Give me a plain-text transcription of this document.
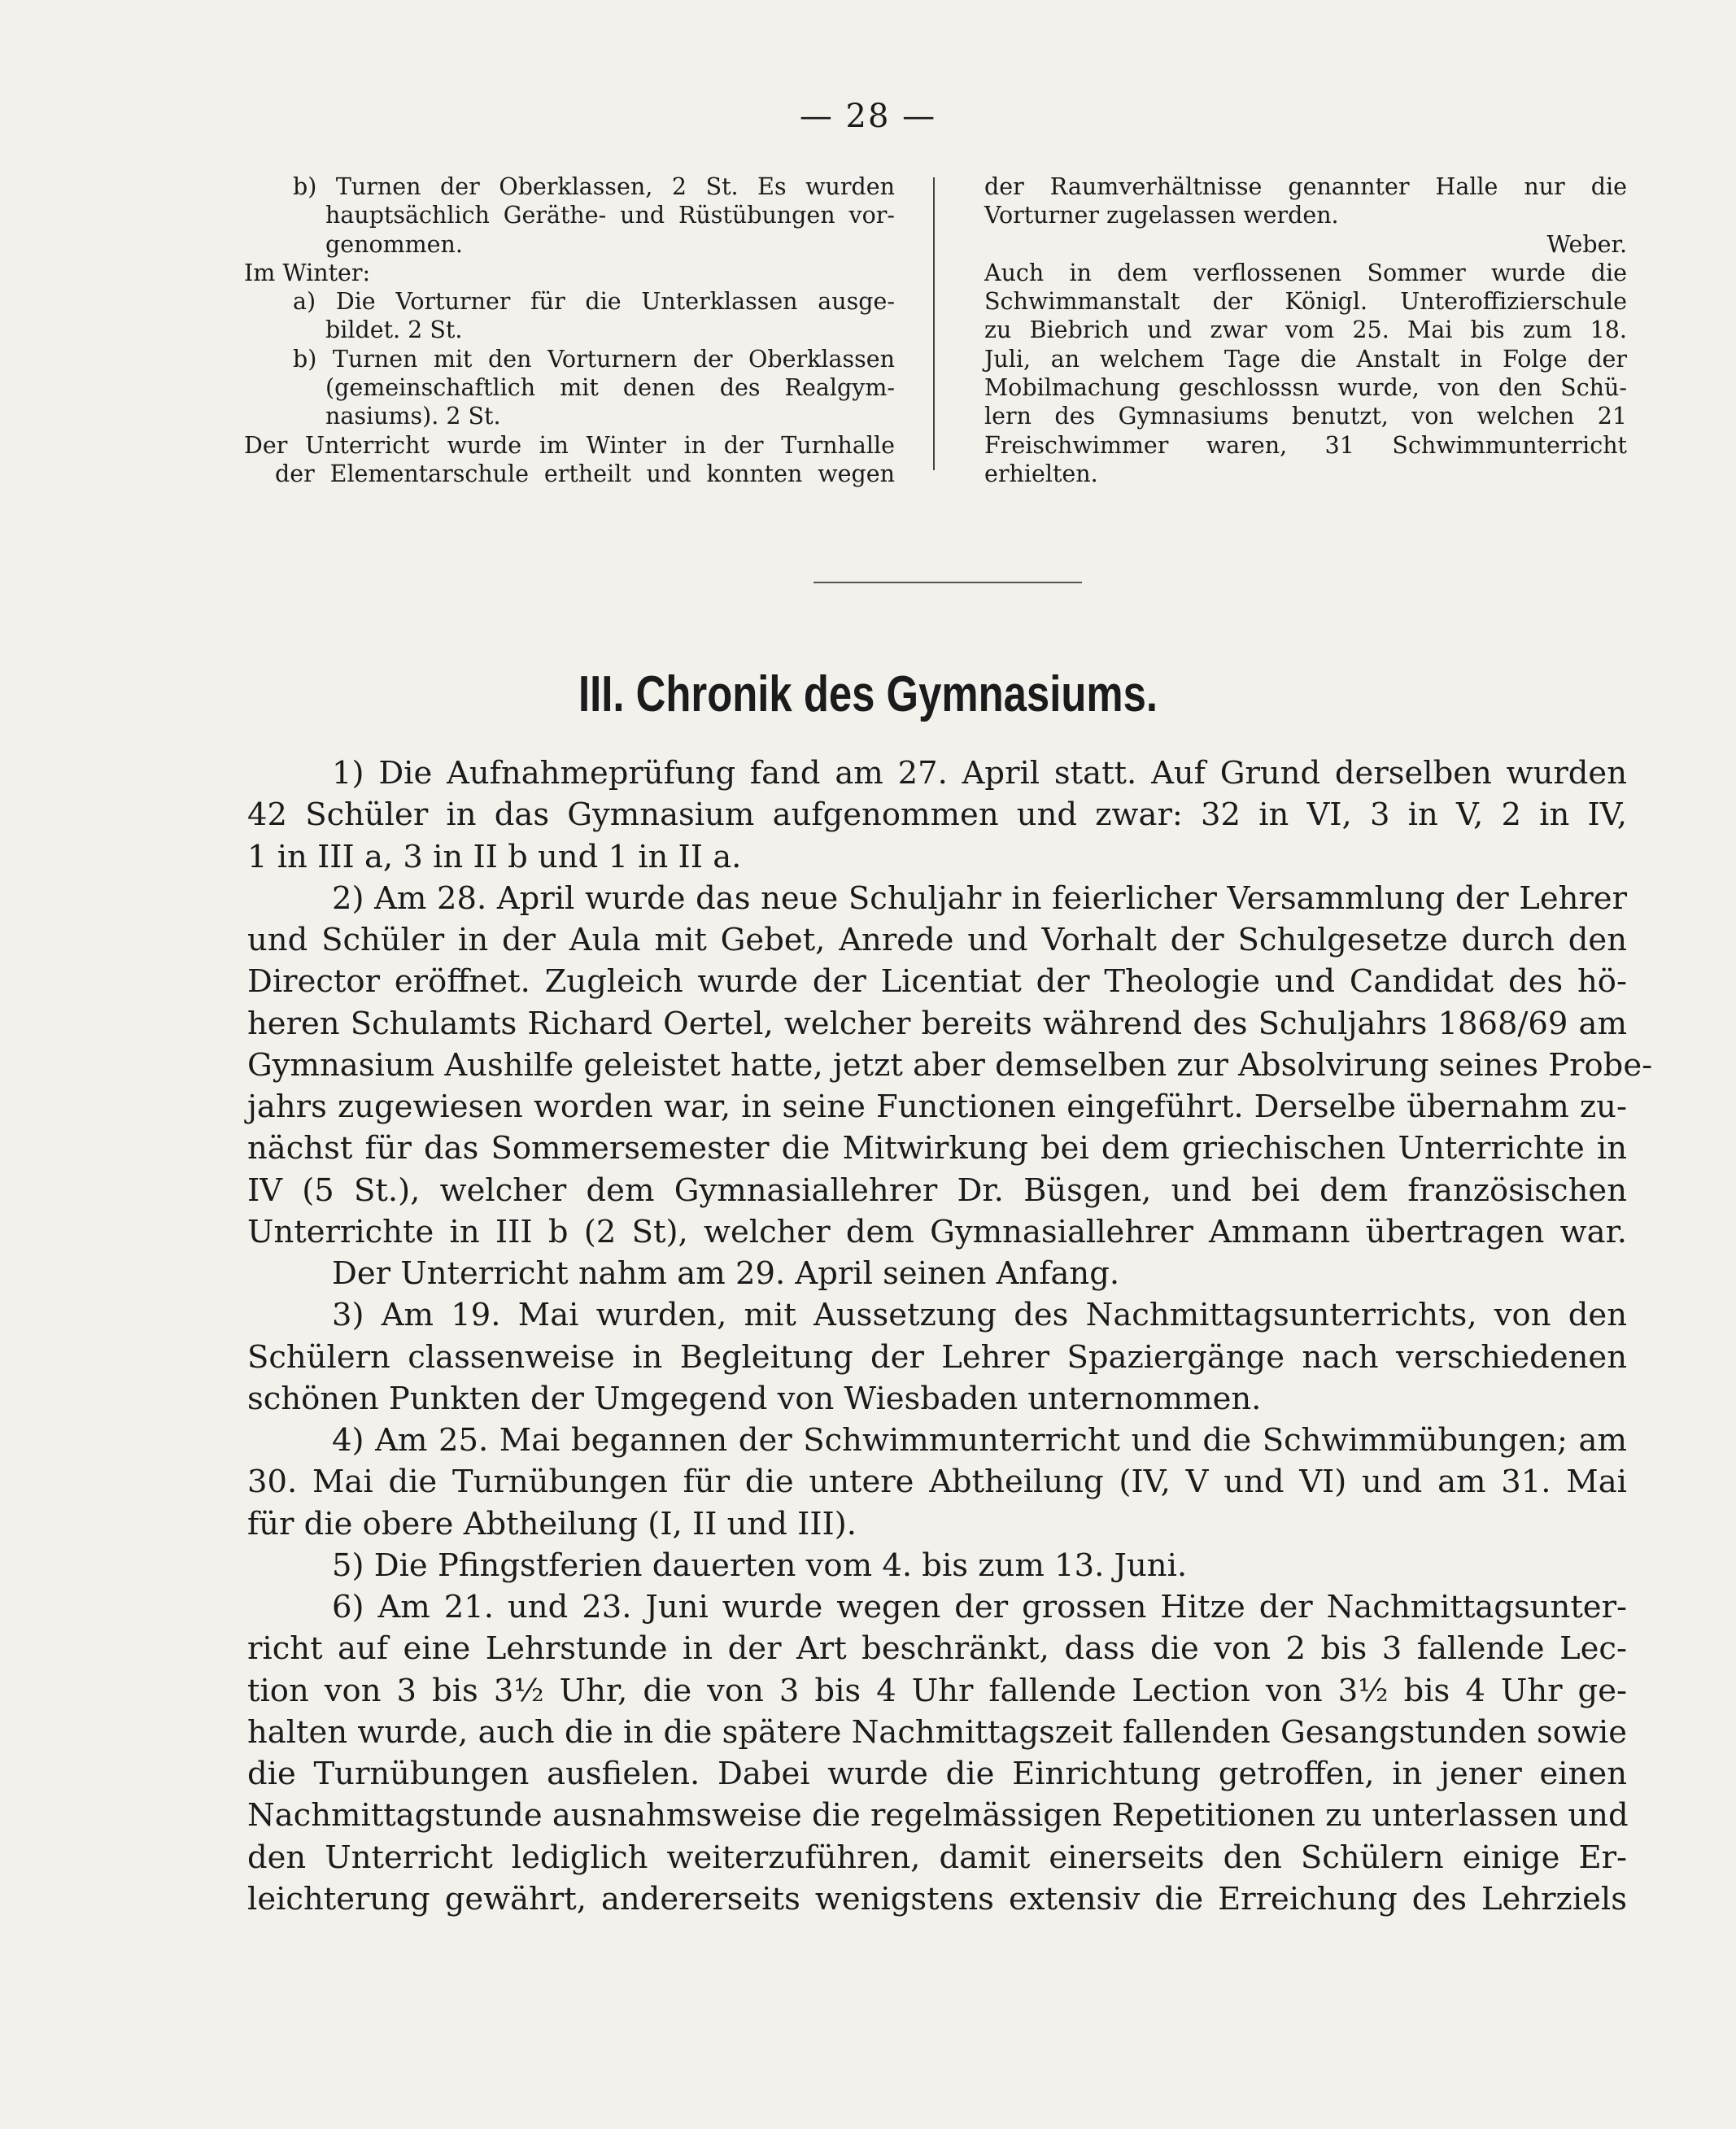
— 28 —
b) Turnen der Oberklassen, 2 St. Es wurden
hauptsächlich Geräthe- und Rüstübungen vor-
genommen.
Im Winter:
a) Die Vorturner für die Unterklassen ausge-
bildet. 2 St.
b) Turnen mit den Vorturnern der Oberklassen
(gemeinschaftlich mit denen des Realgym-
nasiums). 2 St.
Der Unterricht wurde im Winter in der Turnhalle
der Elementarschule ertheilt und konnten wegen
der Raumverhältnisse genannter Halle nur die
Vorturner zugelassen werden.
Weber.
Auch in dem verflossenen Sommer wurde die
Schwimmanstalt der Königl. Unteroffizierschule
zu Biebrich und zwar vom 25. Mai bis zum 18.
Juli, an welchem Tage die Anstalt in Folge der
Mobilmachung geschlosssn wurde, von den Schü-
lern des Gymnasiums benutzt, von welchen 21
Freischwimmer waren, 31 Schwimmunterricht
erhielten.
III. Chronik des Gymnasiums.
1) Die Aufnahmeprüfung fand am 27. April statt. Auf Grund derselben wurden
42 Schüler in das Gymnasium aufgenommen und zwar: 32 in VI, 3 in V, 2 in IV,
1 in III a, 3 in II b und 1 in II a.
2) Am 28. April wurde das neue Schuljahr in feierlicher Versammlung der Lehrer
und Schüler in der Aula mit Gebet, Anrede und Vorhalt der Schulgesetze durch den
Director eröffnet. Zugleich wurde der Licentiat der Theologie und Candidat des hö-
heren Schulamts Richard Oertel, welcher bereits während des Schuljahrs 1868/69 am
Gymnasium Aushilfe geleistet hatte, jetzt aber demselben zur Absolvirung seines Probe-
jahrs zugewiesen worden war, in seine Functionen eingeführt. Derselbe übernahm zu-
nächst für das Sommersemester die Mitwirkung bei dem griechischen Unterrichte in
IV (5 St.), welcher dem Gymnasiallehrer Dr. Büsgen, und bei dem französischen
Unterrichte in III b (2 St), welcher dem Gymnasiallehrer Ammann übertragen war.
Der Unterricht nahm am 29. April seinen Anfang.
3) Am 19. Mai wurden, mit Aussetzung des Nachmittagsunterrichts, von den
Schülern classenweise in Begleitung der Lehrer Spaziergänge nach verschiedenen
schönen Punkten der Umgegend von Wiesbaden unternommen.
4) Am 25. Mai begannen der Schwimmunterricht und die Schwimmübungen; am
30. Mai die Turnübungen für die untere Abtheilung (IV, V und VI) und am 31. Mai
für die obere Abtheilung (I, II und III).
5) Die Pfingstferien dauerten vom 4. bis zum 13. Juni.
6) Am 21. und 23. Juni wurde wegen der grossen Hitze der Nachmittagsunter-
richt auf eine Lehrstunde in der Art beschränkt, dass die von 2 bis 3 fallende Lec-
tion von 3 bis 3½ Uhr, die von 3 bis 4 Uhr fallende Lection von 3½ bis 4 Uhr ge-
halten wurde, auch die in die spätere Nachmittagszeit fallenden Gesangstunden sowie
die Turnübungen ausfielen. Dabei wurde die Einrichtung getroffen, in jener einen
Nachmittagstunde ausnahmsweise die regelmässigen Repetitionen zu unterlassen und
den Unterricht lediglich weiterzuführen, damit einerseits den Schülern einige Er-
leichterung gewährt, andererseits wenigstens extensiv die Erreichung des Lehrziels
